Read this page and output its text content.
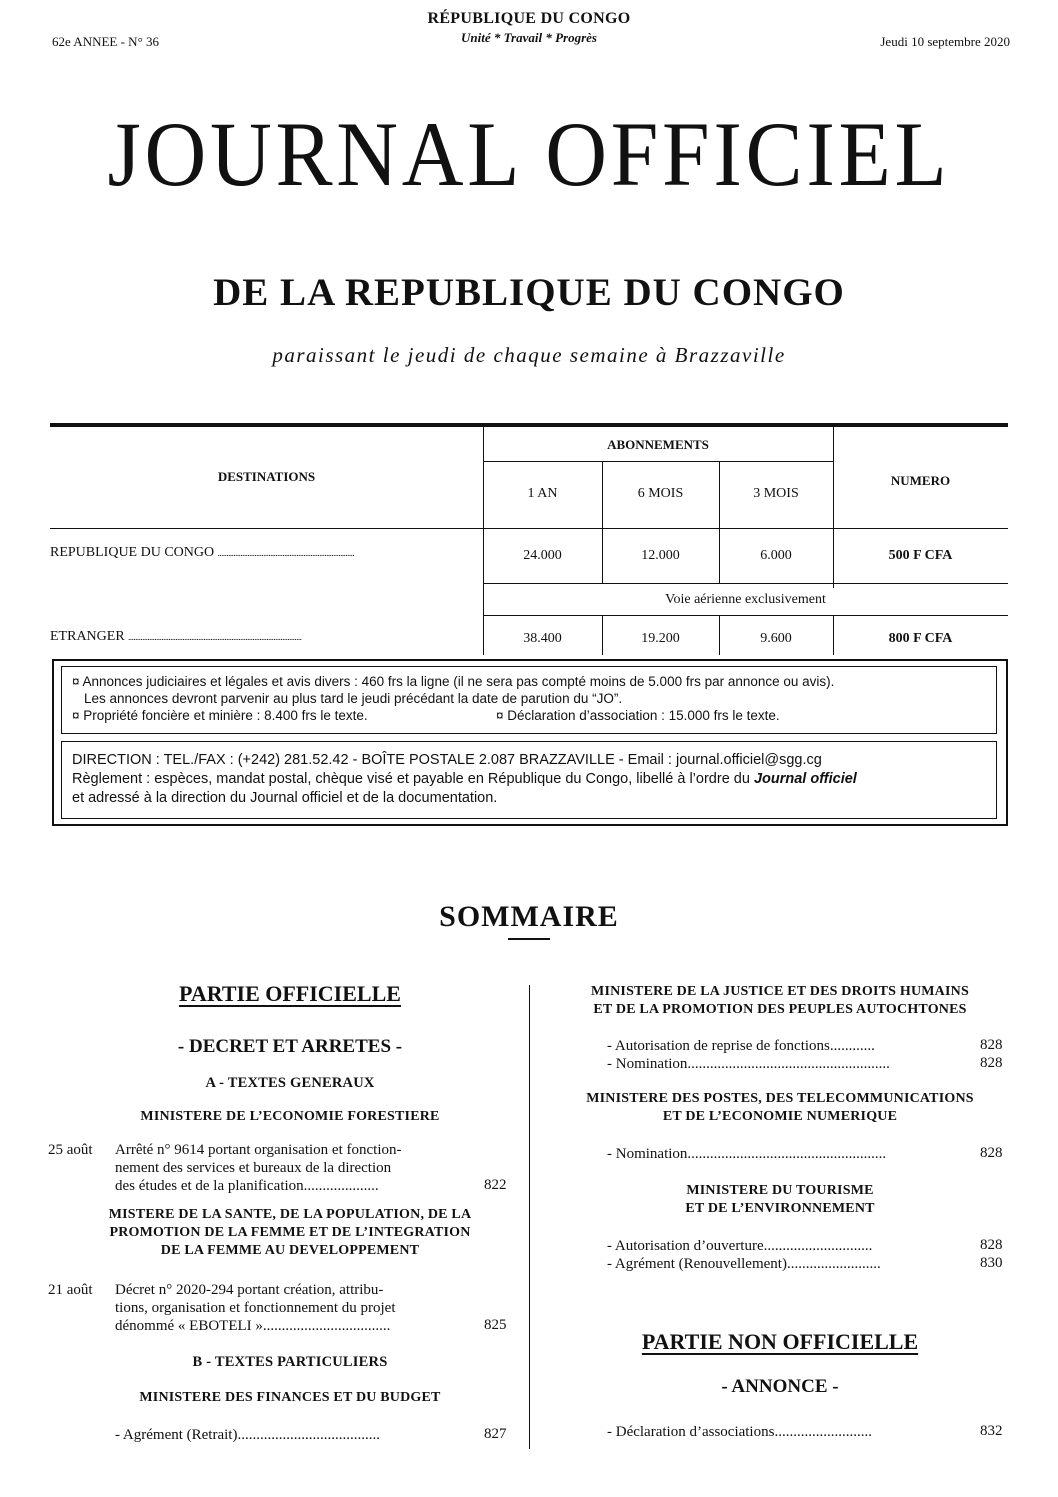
62e ANNEE - N° 36
RÉPUBLIQUE DU CONGO
Unité * Travail * Progrès	Jeudi 10 septembre 2020
JOURNAL OFFICIEL
DE LA REPUBLIQUE DU CONGO
paraissant le jeudi de chaque semaine à Brazzaville
DESTINATIONS
ABONNEMENTS
1 AN	6 MOIS	3 MOIS
NUMERO
REPUBLIQUE DU CONGO ..............................................................................	24.000	12.000	6.000	500 F CFA
Voie aérienne exclusivement
ETRANGER ...................................................................................................	38.400	19.200	9.600	800 F CFA
¤ Annonces judiciaires et légales et avis divers : 460 frs la ligne (il ne sera pas compté moins de 5.000 frs par annonce ou avis).
Les annonces devront parvenir au plus tard le jeudi précédant la date de parution du “JO”.
¤ Propriété foncière et minière : 8.400 frs le texte.	¤ Déclaration d’association : 15.000 frs le texte.
DIRECTION : TEL./FAX : (+242) 281.52.42 - BOÎTE POSTALE 2.087 BRAZZAVILLE - Email : journal.officiel@sgg.cg
Règlement : espèces, mandat postal, chèque visé et payable en République du Congo, libellé à l’ordre du Journal officiel
et adressé à la direction du Journal officiel et de la documentation.
SOMMAIRE
PARTIE OFFICIELLE
- DECRET ET ARRETES -
A - TEXTES GENERAUX
MINISTERE DE L’ECONOMIE FORESTIERE
25 août Arrêté n° 9614 portant organisation et fonction-
nement des services et bureaux de la direction
des études et de la planification....................	822
MISTERE DE LA SANTE, DE LA POPULATION, DE LA
PROMOTION DE LA FEMME ET DE L’INTEGRATION
DE LA FEMME AU DEVELOPPEMENT
21 août Décret n° 2020-294 portant création, attribu-
tions, organisation et fonctionnement du projet
dénommé « EBOTELI »..................................	825
B - TEXTES PARTICULIERS
MINISTERE DES FINANCES ET DU BUDGET
- Agrément (Retrait)......................................	827
MINISTERE DE LA JUSTICE ET DES DROITS HUMAINS
ET DE LA PROMOTION DES PEUPLES AUTOCHTONES
- Autorisation de reprise de fonctions............	828
- Nomination......................................................	828
MINISTERE DES POSTES, DES TELECOMMUNICATIONS
ET DE L’ECONOMIE NUMERIQUE
- Nomination.....................................................	828
MINISTERE DU TOURISME
ET DE L’ENVIRONNEMENT
- Autorisation d’ouverture.............................	828
- Agrément (Renouvellement).........................	830
PARTIE NON OFFICIELLE
- ANNONCE -
- Déclaration d’associations..........................	832
